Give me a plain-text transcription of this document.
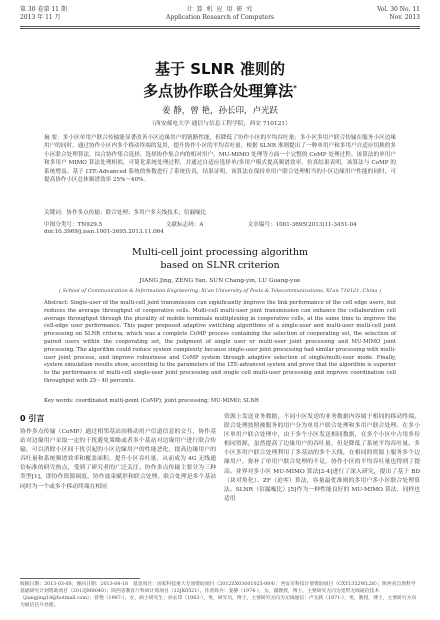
第 30 卷第 11 期
2013 年 11 月
计 算 机 应 用 研 究
Application Research of Computers
Vol. 30 No. 11
Nov. 2013
基于 SLNR 准则的
多点协作联合处理算法*
姜 静，曾 艳，孙长印，卢光跃
（西安邮电大学 通信与信息工程学院，西安 710121）
摘 要：多小区单用户联合传输能显著改善小区边缘用户的链路性能，但降低了协作小区的平均吞吐量；多小区多用户联合传输在服务小区边缘用户的同时，通过协作小区内多个移动终端的复用，提升协作小区的平均吞吐量。根据 SLNR 准则提出了一种单用户和多用户自适应切换的多小区联合处理算法，综合协作集合选择、选择协作集合内的相对用户、MU-MIMO 处理等方面一个完整的 CoMP 处理过程。该算法的单用户和多用户 MIMO 算法处理相似，可简化系统处理过程，并通过自适应选择单/多用户模式提高频谱效率。仿真结果表明，该算法与 CoMP 的系统增益、基于 LTE-Advanced 系统的参数进行了系统仿真，结果证明，该算法在保持单用户联合处理相当的小区边缘用户性能的同时，可提高协作小区总体频谱效率 25%～40%。
关键词：协作多点传输；联合处理；多用户多天线技术；信漏噪比
中图分类号：TN929.5	文献标志码：A	文章编号：1001-3695(2013)11-3451-04
doi:10.3969/j.issn.1001-3695.2013.11.064
Multi-cell joint processing algorithm
based on SLNR criterion
JIANG Jing, ZENG Yan, SUN Chang-yin, LU Guang-yue
( School of Communication & Information Engineering, Xi'an University of Posts & Telecommunications, Xi'an 710121, China )
Abstract: Single-user of the multi-cell joint transmission can significantly improve the link performance of the cell edge users, but reduces the average throughput of cooperative cells. Multi-cell multi-user joint transmission can enhance the collaboration cell average throughput through the plurality of mobile terminals multiplexing in cooperative cells, at the same time to improve the cell-edge user performance. This paper proposed adaptive switching algorithms of a single-user and multi-user multi-cell joint processing on SLNR criteria, which was a complete CoMP process containing the selection of cooperating set, the selection of paired users within the cooperating set, the judgment of single user or multi-user joint processing and MU-MIMO joint processing. The algorithm could reduce system complexity because single-user joint processing had similar processing with multi-user joint process, and improve robustness and CoMP system through adaptive selection of single/multi-user mode. Finally, system simulation results show, according to the parameters of the LTE-advanced system and prove that the algorithm is superior to the performance of multi-cell single-user joint processing and single cell multi-user processing and improve coordination cell throughput with 25～40 percents.
Key words: coordinated multi-point (CoMP); joint processing; MU-MIMO; SLNR
0 引言
协作多点传输（CoMP）通过相邻基站间移动用户信道信息的交互，协作基站对边缘用户采取一定的干扰避免策略或者多个基站对边缘用户进行联合传输，可以消除小区间干扰引起的小区边缘用户的性能恶化，提高边缘用户的吞吐量和系统频谱效率和覆盖面积，提升小区吞吐量，从而成为 4G 无线通信标准的研究热点，受到了研究者的广泛关注。协作多点传输主要分为三种类型[1]，即协作资源调度、协作波束赋形和联合处理。联合处理是多个基站同时为一个或多个移动终端在相同
资源上发送业务数据，不同小区发送的业务数据内容属于相同的移动终端。联合处理按照被服务的用户分为单用户联合处理和多用户联合处理。在多小区单用户联合处理中，由于多个小区发送相同数据，在多个小区中占用多份相同资源，虽然提高了边缘用户的吞吐量，但是降低了系统平均吞吐量。多小区多用户联合处理利用了多基站的多个天线，在相同的资源上服务多个边缘用户，弥补了单用户联合处理的不足，协作小区的平均吞吐量也得到了提高。业界对多小区 MU-MIMO 算法[2-4]进行了深入研究，提出了基于 BD（块对角化）、ZF（迫零）算法，容量最优准则的多用户多小区联合处理算法。SLNR（信漏噪比）[5]作为一种性能良好的 MU-MIMO 算法，同样也适用
收稿日期：2013-03-08；修回日期：2013-04-18　基金项目：国家科技重大专项资助项目（2012ZX03001025-004）；西安市科技计划资助项目（CXY1352WL28）；陕西省自然科学基础研究计划资助项目（2013JM8040）；陕西省教育厅科研计划项目（12JK0521）。作者简介：姜静（1974-），女，副教授，博士，主要研究方向为宽带无线通信技术（jiangjing18@hotmail.com）；曾艳（1987-），女，硕士研究生；孙长印（1963-），男，研究员，博士，主要研究方向为无线通信；卢光跃（1971-），男，教授，博士，主要研究方向为通信信号处理。
